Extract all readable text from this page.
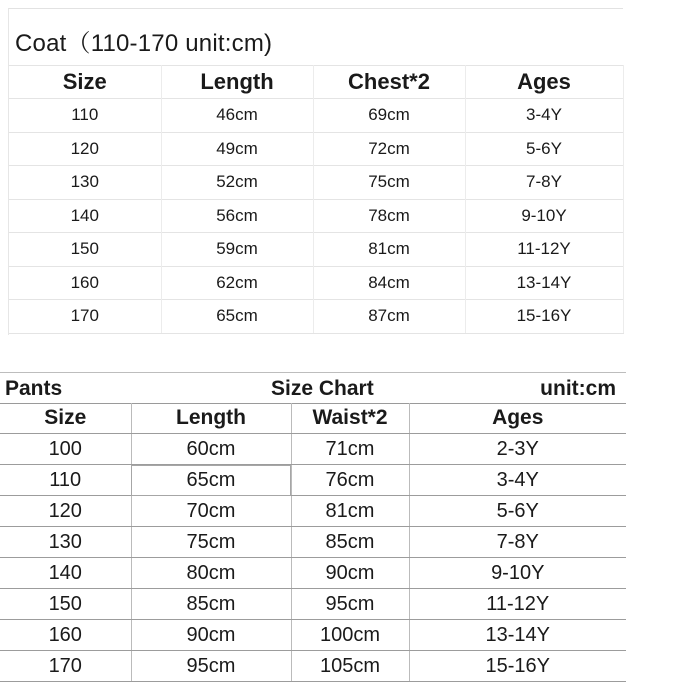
Coat（110-170 unit:cm)
Size	Length	Chest*2	Ages
110	46cm	69cm	3-4Y
120	49cm	72cm	5-6Y
130	52cm	75cm	7-8Y
140	56cm	78cm	9-10Y
150	59cm	81cm	11-12Y
160	62cm	84cm	13-14Y
170	65cm	87cm	15-16Y
Pants	Size Chart	unit:cm
Size	Length	Waist*2	Ages
100	60cm	71cm	2-3Y
110	65cm	76cm	3-4Y
120	70cm	81cm	5-6Y
130	75cm	85cm	7-8Y
140	80cm	90cm	9-10Y
150	85cm	95cm	11-12Y
160	90cm	100cm	13-14Y
170	95cm	105cm	15-16Y
